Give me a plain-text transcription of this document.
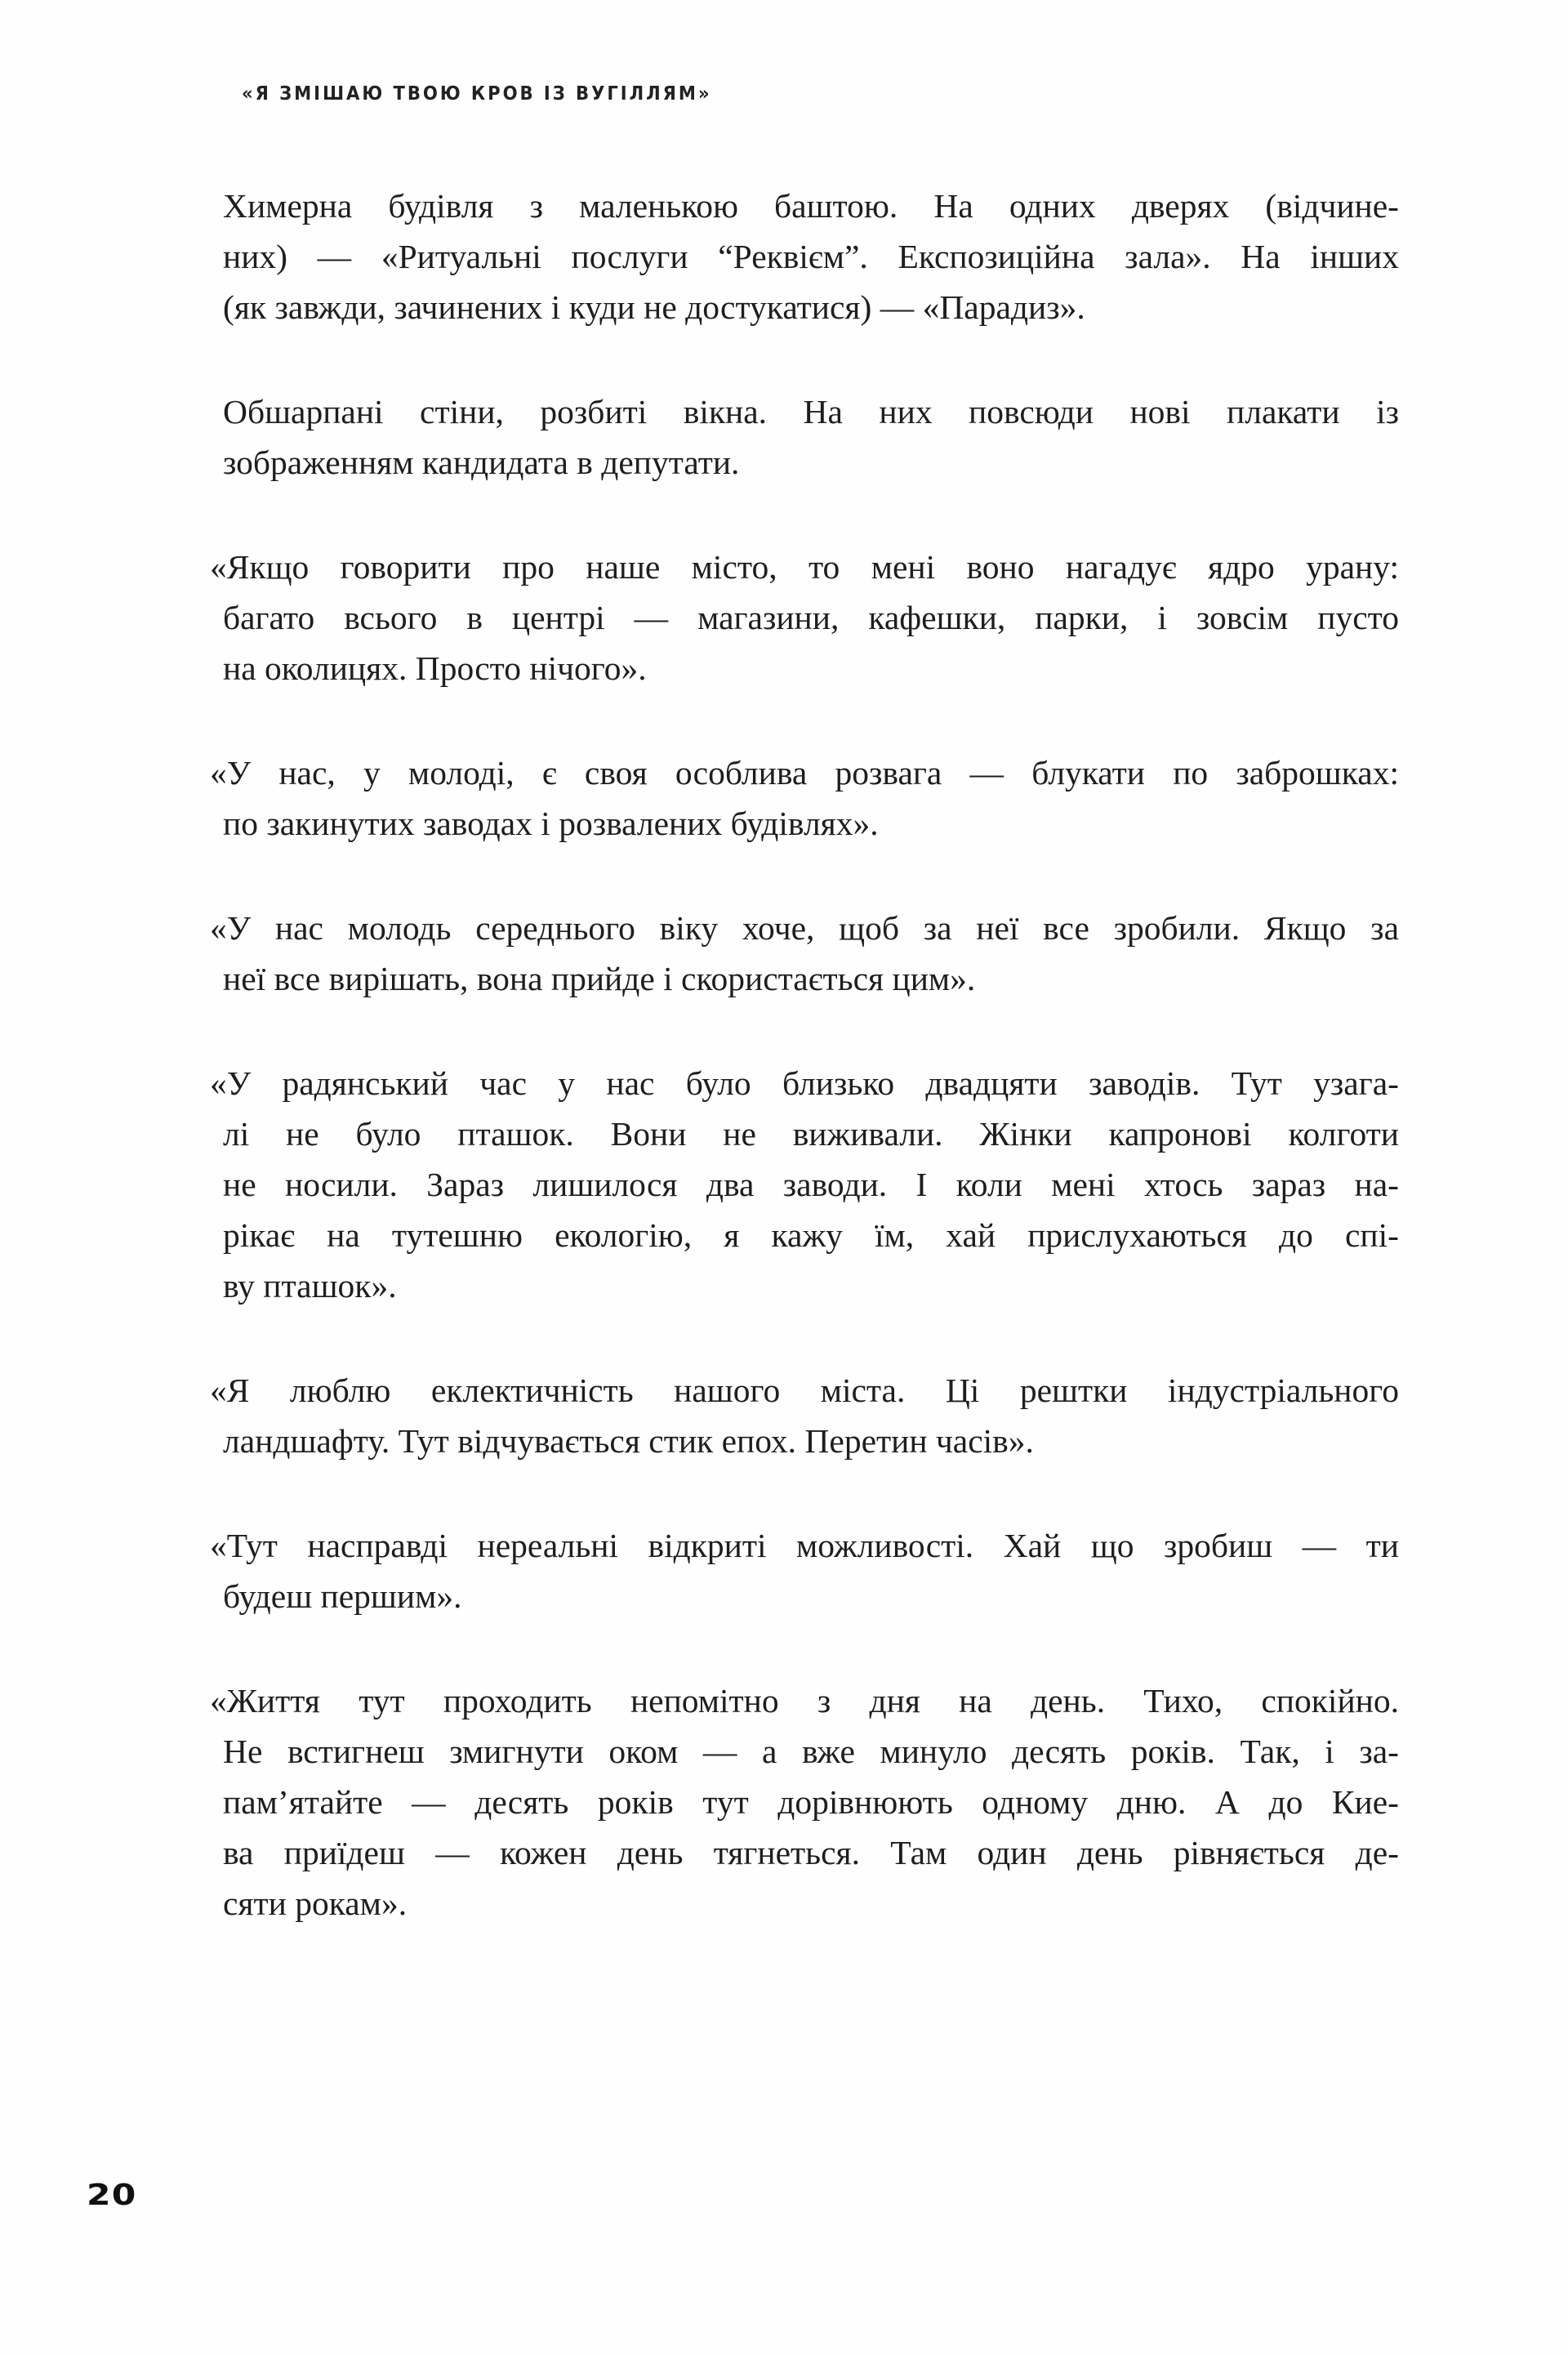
«Я ЗМІШАЮ ТВОЮ КРОВ ІЗ ВУГІЛЛЯМ»
Химерна будівля з маленькою баштою. На одних дверях (відчине-
них) — «Ритуальні послуги “Реквієм”. Експозиційна зала». На інших
(як завжди, зачинених і куди не достукатися) — «Парадиз».
Обшарпані стіни, розбиті вікна. На них повсюди нові плакати із
зображенням кандидата в депутати.
«Якщо говорити про наше місто, то мені воно нагадує ядро урану:
багато всього в центрі — магазини, кафешки, парки, і зовсім пусто
на околицях. Просто нічого».
«У нас, у молоді, є своя особлива розвага — блукати по заброшках:
по закинутих заводах і розвалених будівлях».
«У нас молодь середнього віку хоче, щоб за неї все зробили. Якщо за
неї все вирішать, вона прийде і скористається цим».
«У радянський час у нас було близько двадцяти заводів. Тут узага-
лі не було пташок. Вони не виживали. Жінки капронові колготи
не носили. Зараз лишилося два заводи. І коли мені хтось зараз на-
рікає на тутешню екологію, я кажу їм, хай прислухаються до спі-
ву пташок».
«Я люблю еклектичність нашого міста. Ці рештки індустріального
ландшафту. Тут відчувається стик епох. Перетин часів».
«Тут насправді нереальні відкриті можливості. Хай що зробиш — ти
будеш першим».
«Життя тут проходить непомітно з дня на день. Тихо, спокійно.
Не встигнеш змигнути оком — а вже минуло десять років. Так, і за-
пам’ятайте — десять років тут дорівнюють одному дню. А до Кие-
ва приїдеш — кожен день тягнеться. Там один день рівняється де-
сяти рокам».
20
